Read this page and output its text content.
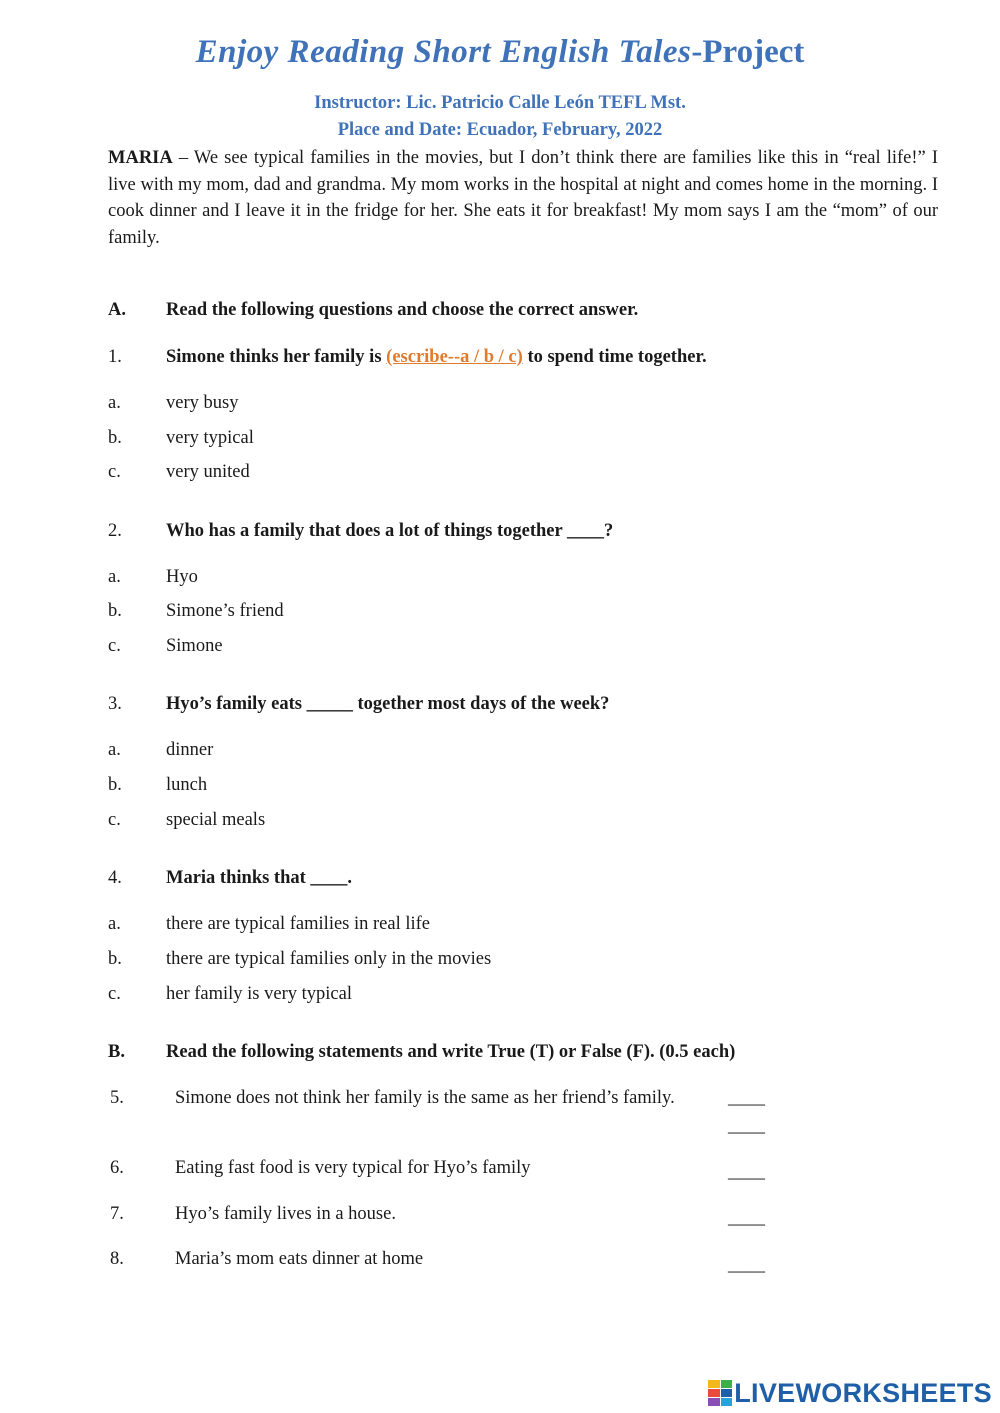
Enjoy Reading Short English Tales-Project
Instructor: Lic. Patricio Calle León TEFL Mst.
Place and Date: Ecuador, February, 2022
MARIA – We see typical families in the movies, but I don’t think there are families like this in “real life!” I live with my mom, dad and grandma. My mom works in the hospital at night and comes home in the morning. I cook dinner and I leave it in the fridge for her. She eats it for breakfast! My mom says I am the “mom” of our family.
A. Read the following questions and choose the correct answer.
1. Simone thinks her family is (escribe--a / b / c) to spend time together.
a. very busy
b. very typical
c. very united
2. Who has a family that does a lot of things together ____?
a. Hyo
b. Simone’s friend
c. Simone
3. Hyo’s family eats _____ together most days of the week?
a. dinner
b. lunch
c. special meals
4. Maria thinks that ____.
a. there are typical families in real life
b. there are typical families only in the movies
c. her family is very typical
B. Read the following statements and write True (T) or False (F). (0.5 each)
5.	Simone does not think her family is the same as her friend’s family.	____
____
6.	Eating fast food is very typical for Hyo’s family	____
7.	Hyo’s family lives in a house.	____
8.	Maria’s mom eats dinner at home	____
LIVEWORKSHEETS
